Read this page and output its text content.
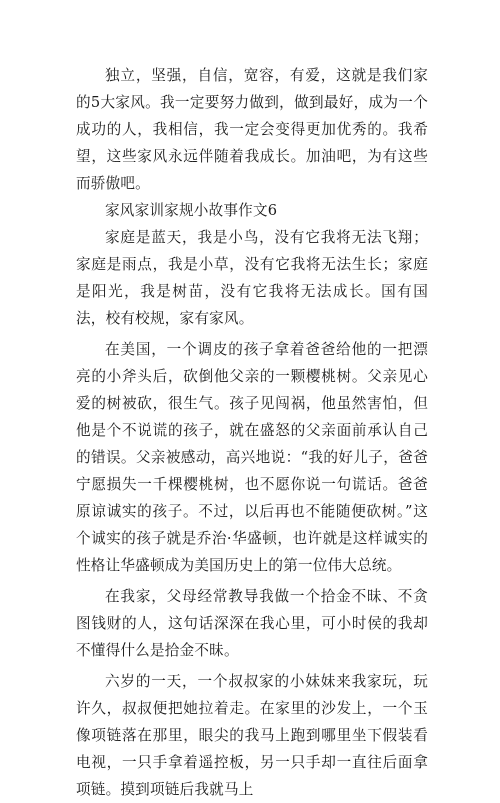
独立，坚强，自信，宽容，有爱，这就是我们家的5大家风。我一定要努力做到，做到最好，成为一个成功的人，我相信，我一定会变得更加优秀的。我希望，这些家风永远伴随着我成长。加油吧，为有这些而骄傲吧。

家风家训家规小故事作文6

家庭是蓝天，我是小鸟，没有它我将无法飞翔；家庭是雨点，我是小草，没有它我将无法生长；家庭是阳光，我是树苗，没有它我将无法成长。国有国法，校有校规，家有家风。

在美国，一个调皮的孩子拿着爸爸给他的一把漂亮的小斧头后，砍倒他父亲的一颗樱桃树。父亲见心爱的树被砍，很生气。孩子见闯祸，他虽然害怕，但他是个不说谎的孩子，就在盛怒的父亲面前承认自己的错误。父亲被感动，高兴地说：“我的好儿子，爸爸宁愿损失一千棵樱桃树，也不愿你说一句谎话。爸爸原谅诚实的孩子。不过，以后再也不能随便砍树。”这个诚实的孩子就是乔治·华盛顿，也许就是这样诚实的性格让华盛顿成为美国历史上的第一位伟大总统。

在我家，父母经常教导我做一个拾金不昧、不贪图钱财的人，这句话深深在我心里，可小时侯的我却不懂得什么是拾金不昧。

六岁的一天，一个叔叔家的小妹妹来我家玩，玩许久，叔叔便把她拉着走。在家里的沙发上，一个玉像项链落在那里，眼尖的我马上跑到哪里坐下假装看电视，一只手拿着遥控板，另一只手却一直往后面拿项链。摸到项链后我就马上
